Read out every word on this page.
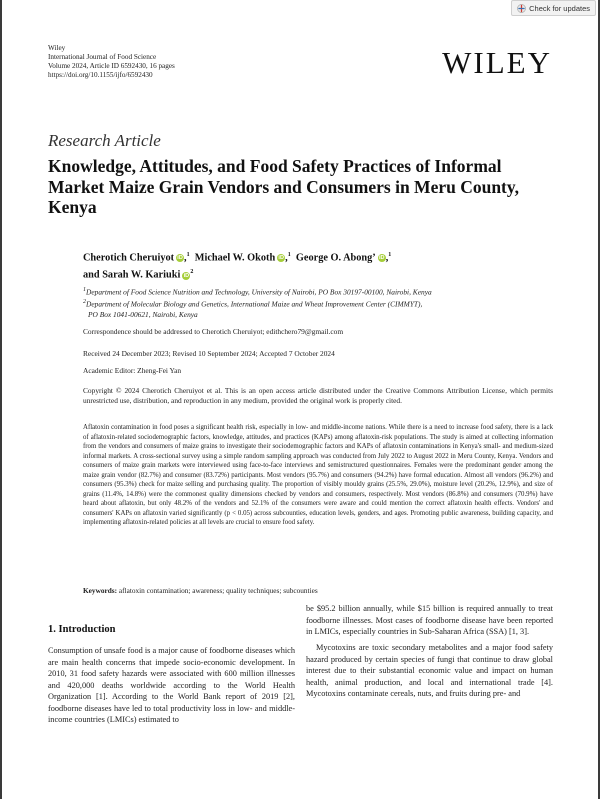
Check for updates
Wiley
International Journal of Food Science
Volume 2024, Article ID 6592430, 16 pages
https://doi.org/10.1155/ijfo/6592430	WILEY
Research Article
Knowledge, Attitudes, and Food Safety Practices of Informal Market Maize Grain Vendors and Consumers in Meru County, Kenya
Cherotich Cheruiyot iD,$^1$ Michael W. Okoth iD,$^1$ George O. Abong’ iD,$^1$
and Sarah W. Kariuki $iD^2$
$^1$Department of Food Science Nutrition and Technology, University of Nairobi, PO Box 30197-00100, Nairobi, Kenya
$^2$Department of Molecular Biology and Genetics, International Maize and Wheat Improvement Center (CIMMYT),
PO Box 1041-00621, Nairobi, Kenya
Correspondence should be addressed to Cherotich Cheruiyot; edithchero79@gmail.com
Received 24 December 2023; Revised 10 September 2024; Accepted 7 October 2024
Academic Editor: Zheng-Fei Yan
Copyright © 2024 Cherotich Cheruiyot et al. This is an open access article distributed under the Creative Commons Attribution License, which permits unrestricted use, distribution, and reproduction in any medium, provided the original work is properly cited.
Aflatoxin contamination in food poses a significant health risk, especially in low- and middle-income nations. While there is a need to increase food safety, there is a lack of aflatoxin-related sociodemographic factors, knowledge, attitudes, and practices (KAPs) among aflatoxin-risk populations. The study is aimed at collecting information from the vendors and consumers of maize grains to investigate their sociodemographic factors and KAPs of aflatoxin contaminations in Kenya's small- and medium-sized informal markets. A cross-sectional survey using a simple random sampling approach was conducted from July 2022 to August 2022 in Meru County, Kenya. Vendors and consumers of maize grain markets were interviewed using face-to-face interviews and semistructured questionnaires. Females were the predominant gender among the maize grain vendor (82.7%) and consumer (83.72%) participants. Most vendors (95.7%) and consumers (94.2%) have formal education. Almost all vendors (96.2%) and consumers (95.3%) check for maize selling and purchasing quality. The proportion of visibly mouldy grains (25.5%, 29.0%), moisture level (20.2%, 12.9%), and size of grains (11.4%, 14.8%) were the commonest quality dimensions checked by vendors and consumers, respectively. Most vendors (86.8%) and consumers (70.9%) have heard about aflatoxin, but only 48.2% of the vendors and 52.1% of the consumers were aware and could mention the correct aflatoxin health effects. Vendors' and consumers' KAPs on aflatoxin varied significantly (p < 0.05) across subcounties, education levels, genders, and ages. Promoting public awareness, building capacity, and implementing aflatoxin-related policies at all levels are crucial to ensure food safety.
Keywords: aflatoxin contamination; awareness; quality techniques; subcounties
1. Introduction

Consumption of unsafe food is a major cause of foodborne diseases which are main health concerns that impede socio-economic development. In 2010, 31 food safety hazards were associated with 600 million illnesses and 420,000 deaths worldwide according to the World Health Organization [1]. According to the World Bank report of 2019 [2], foodborne diseases have led to total productivity loss in low- and middle-income countries (LMICs) estimated to

be $95.2 billion annually, while $15 billion is required annually to treat foodborne illnesses. Most cases of foodborne disease have been reported in LMICs, especially countries in Sub-Saharan Africa (SSA) [1, 3].

Mycotoxins are toxic secondary metabolites and a major food safety hazard produced by certain species of fungi that continue to draw global interest due to their substantial economic value and impact on human health, animal production, and local and international trade [4]. Mycotoxins contaminate cereals, nuts, and fruits during pre- and
